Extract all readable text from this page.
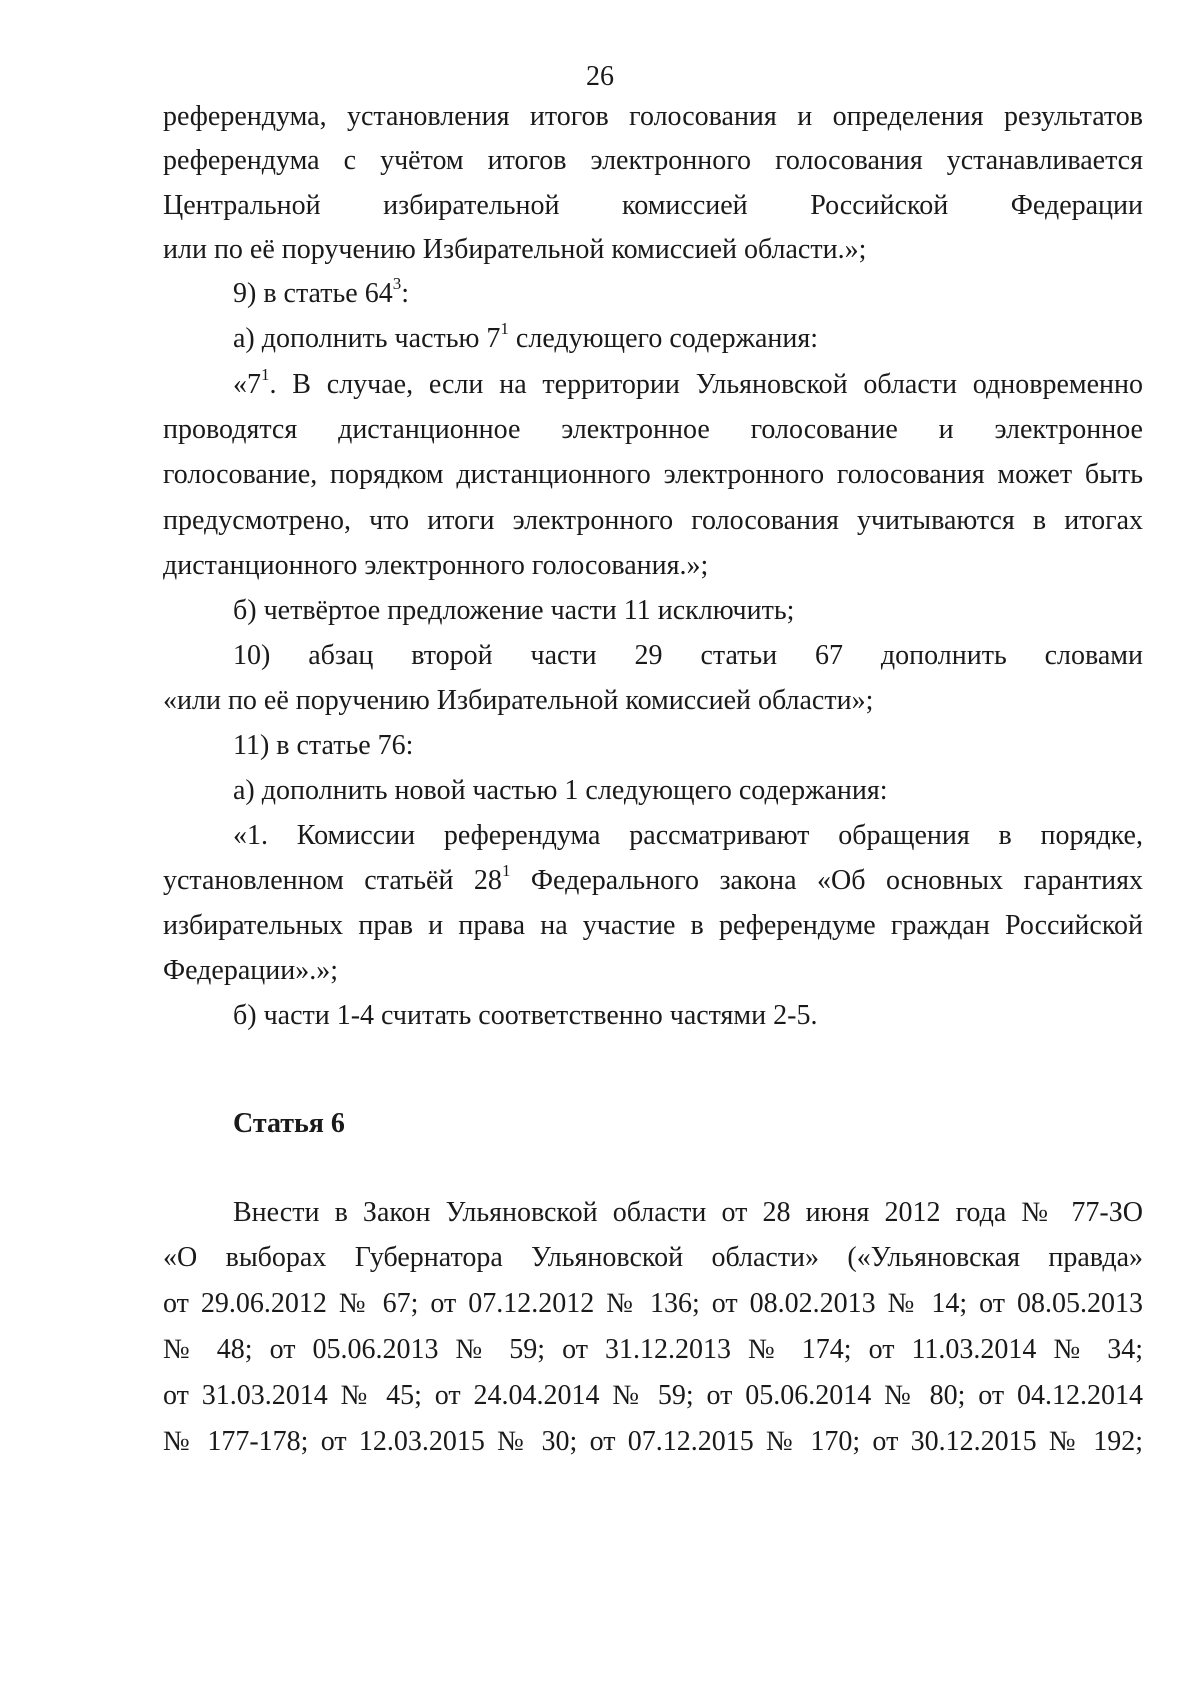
26
референдума, установления итогов голосования и определения результатов
референдума с учётом итогов электронного голосования устанавливается
Центральной избирательной комиссией Российской Федерации
или по её поручению Избирательной комиссией области.»;
9) в статье $64^3$:
а) дополнить частью $7^1$ следующего содержания:
«$7^1$. В случае, если на территории Ульяновской области одновременно
проводятся дистанционное электронное голосование и электронное
голосование, порядком дистанционного электронного голосования может быть
предусмотрено, что итоги электронного голосования учитываются в итогах
дистанционного электронного голосования.»;
б) четвёртое предложение части 11 исключить;
10) абзац второй части 29 статьи 67 дополнить словами
«или по её поручению Избирательной комиссией области»;
11) в статье 76:
а) дополнить новой частью 1 следующего содержания:
«1. Комиссии референдума рассматривают обращения в порядке,
установленном статьёй $28^1$ Федерального закона «Об основных гарантиях
избирательных прав и права на участие в референдуме граждан Российской
Федерации».»;
б) части 1-4 считать соответственно частями 2-5.
Статья 6
Внести в Закон Ульяновской области от 28 июня 2012 года № 77-ЗО
«О выборах Губернатора Ульяновской области» («Ульяновская правда»
от 29.06.2012 № 67; от 07.12.2012 № 136; от 08.02.2013 № 14; от 08.05.2013
№ 48; от 05.06.2013 № 59; от 31.12.2013 № 174; от 11.03.2014 № 34;
от 31.03.2014 № 45; от 24.04.2014 № 59; от 05.06.2014 № 80; от 04.12.2014
№ 177-178; от 12.03.2015 № 30; от 07.12.2015 № 170; от 30.12.2015 № 192;
